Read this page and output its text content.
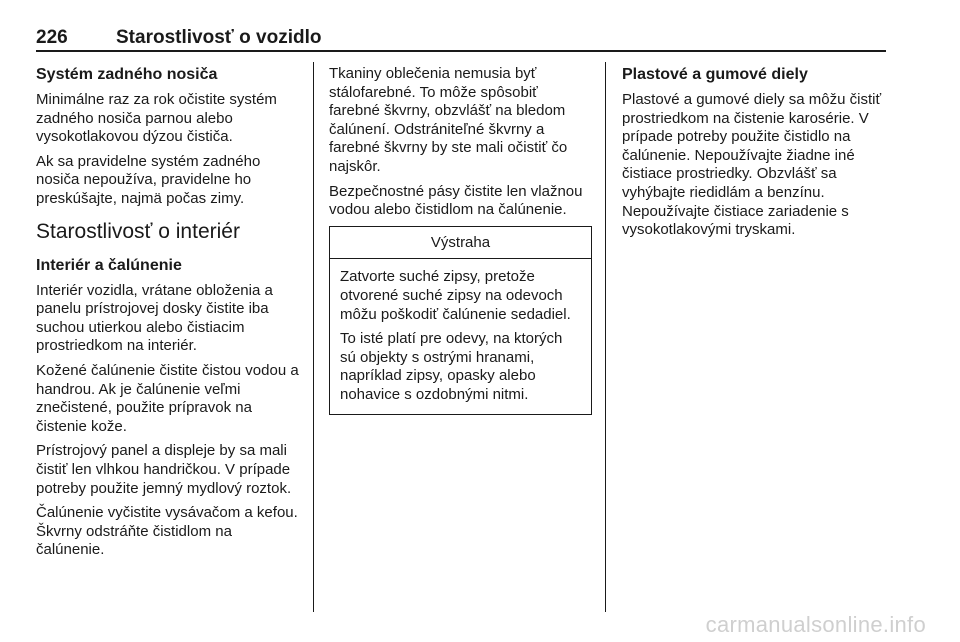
226	Starostlivosť o vozidlo
Systém zadného nosiča

Minimálne raz za rok očistite systém zadného nosiča parnou alebo vysokotlakovou dýzou čističa.

Ak sa pravidelne systém zadného nosiča nepoužíva, pravidelne ho preskúšajte, najmä počas zimy.

Starostlivosť o interiér
Interiér a čalúnenie

Interiér vozidla, vrátane obloženia a panelu prístrojovej dosky čistite iba suchou utierkou alebo čistiacim prostriedkom na interiér.

Kožené čalúnenie čistite čistou vodou a handrou. Ak je čalúnenie veľmi znečistené, použite prípravok na čistenie kože.

Prístrojový panel a displeje by sa mali čistiť len vlhkou handričkou. V prípade potreby použite jemný mydlový roztok.

Čalúnenie vyčistite vysávačom a kefou. Škvrny odstráňte čistidlom na čalúnenie.

Tkaniny oblečenia nemusia byť stálofarebné. To môže spôsobiť farebné škvrny, obzvlášť na bledom čalúnení. Odstrániteľné škvrny a farebné škvrny by ste mali očistiť čo najskôr.

Bezpečnostné pásy čistite len vlažnou vodou alebo čistidlom na čalúnenie.

Výstraha

Zatvorte suché zipsy, pretože otvorené suché zipsy na odevoch môžu poškodiť čalúnenie sedadiel.

To isté platí pre odevy, na ktorých sú objekty s ostrými hranami, napríklad zipsy, opasky alebo nohavice s ozdobnými nitmi.

Plastové a gumové diely

Plastové a gumové diely sa môžu čistiť prostriedkom na čistenie karosérie. V prípade potreby použite čistidlo na čalúnenie. Nepoužívajte žiadne iné čistiace prostriedky. Obzvlášť sa vyhýbajte riedidlám a benzínu. Nepoužívajte čistiace zariadenie s vysokotlakovými tryskami.

carmanualsonline.info
